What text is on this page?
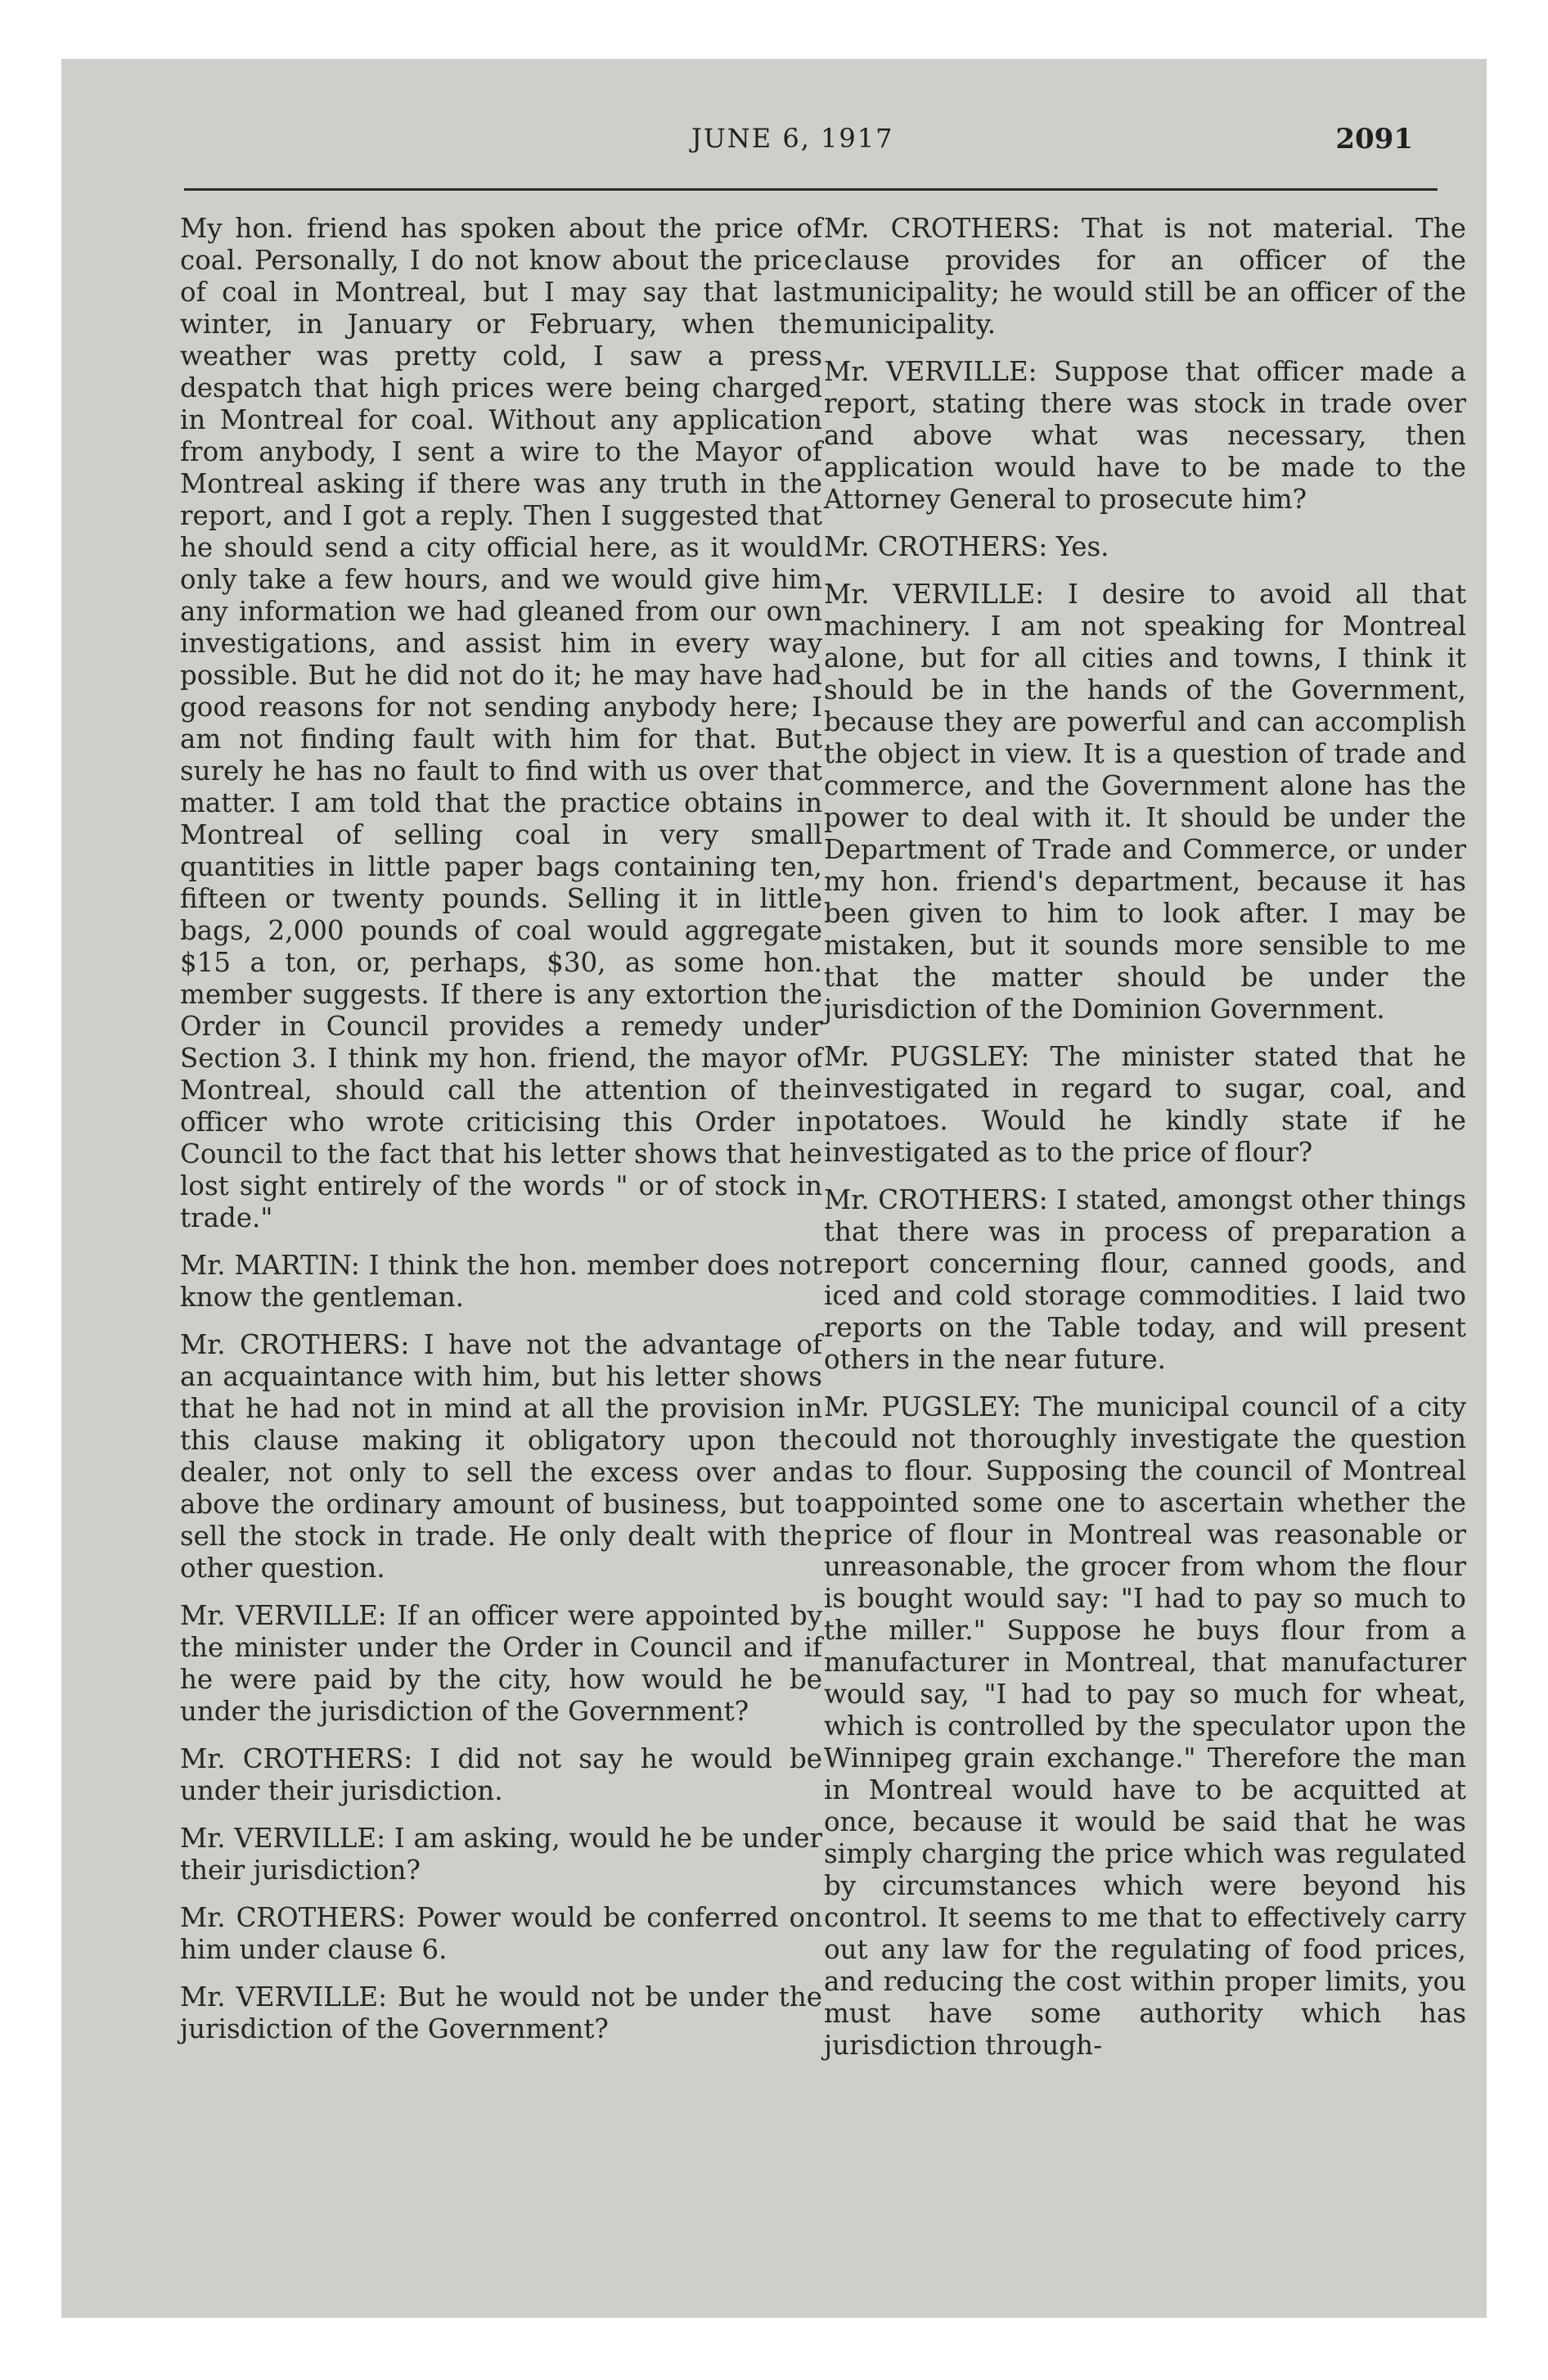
JUNE 6, 1917	2091

My hon. friend has spoken about the price of coal. Personally, I do not know about the price of coal in Montreal, but I may say that last winter, in January or February, when the weather was pretty cold, I saw a press despatch that high prices were being charged in Montreal for coal. Without any application from anybody, I sent a wire to the Mayor of Montreal asking if there was any truth in the report, and I got a reply. Then I suggested that he should send a city official here, as it would only take a few hours, and we would give him any information we had gleaned from our own investigations, and assist him in every way possible. But he did not do it; he may have had good reasons for not sending anybody here; I am not finding fault with him for that. But surely he has no fault to find with us over that matter. I am told that the practice obtains in Montreal of selling coal in very small quantities in little paper bags containing ten, fifteen or twenty pounds. Selling it in little bags, 2,000 pounds of coal would aggregate $15 a ton, or, perhaps, $30, as some hon. member suggests. If there is any extortion the Order in Council provides a remedy under Section 3. I think my hon. friend, the mayor of Montreal, should call the attention of the officer who wrote criticising this Order in Council to the fact that his letter shows that he lost sight entirely of the words " or of stock in trade."

Mr. MARTIN: I think the hon. member does not know the gentleman.

Mr. CROTHERS: I have not the advantage of an acquaintance with him, but his letter shows that he had not in mind at all the provision in this clause making it obligatory upon the dealer, not only to sell the excess over and above the ordinary amount of business, but to sell the stock in trade. He only dealt with the other question.

Mr. VERVILLE: If an officer were appointed by the minister under the Order in Council and if he were paid by the city, how would he be under the jurisdiction of the Government?

Mr. CROTHERS: I did not say he would be under their jurisdiction.

Mr. VERVILLE: I am asking, would he be under their jurisdiction?

Mr. CROTHERS: Power would be conferred on him under clause 6.

Mr. VERVILLE: But he would not be under the jurisdiction of the Government?

Mr. CROTHERS: That is not material. The clause provides for an officer of the municipality; he would still be an officer of the municipality.

Mr. VERVILLE: Suppose that officer made a report, stating there was stock in trade over and above what was necessary, then application would have to be made to the Attorney General to prosecute him?

Mr. CROTHERS: Yes.

Mr. VERVILLE: I desire to avoid all that machinery. I am not speaking for Montreal alone, but for all cities and towns, I think it should be in the hands of the Government, because they are powerful and can accomplish the object in view. It is a question of trade and commerce, and the Government alone has the power to deal with it. It should be under the Department of Trade and Commerce, or under my hon. friend's department, because it has been given to him to look after. I may be mistaken, but it sounds more sensible to me that the matter should be under the jurisdiction of the Dominion Government.

Mr. PUGSLEY: The minister stated that he investigated in regard to sugar, coal, and potatoes. Would he kindly state if he investigated as to the price of flour?

Mr. CROTHERS: I stated, amongst other things that there was in process of preparation a report concerning flour, canned goods, and iced and cold storage commodities. I laid two reports on the Table today, and will present others in the near future.

Mr. PUGSLEY: The municipal council of a city could not thoroughly investigate the question as to flour. Supposing the council of Montreal appointed some one to ascertain whether the price of flour in Montreal was reasonable or unreasonable, the grocer from whom the flour is bought would say: "I had to pay so much to the miller." Suppose he buys flour from a manufacturer in Montreal, that manufacturer would say, "I had to pay so much for wheat, which is controlled by the speculator upon the Winnipeg grain exchange." Therefore the man in Montreal would have to be acquitted at once, because it would be said that he was simply charging the price which was regulated by circumstances which were beyond his control. It seems to me that to effectively carry out any law for the regulating of food prices, and reducing the cost within proper limits, you must have some authority which has jurisdiction through-
